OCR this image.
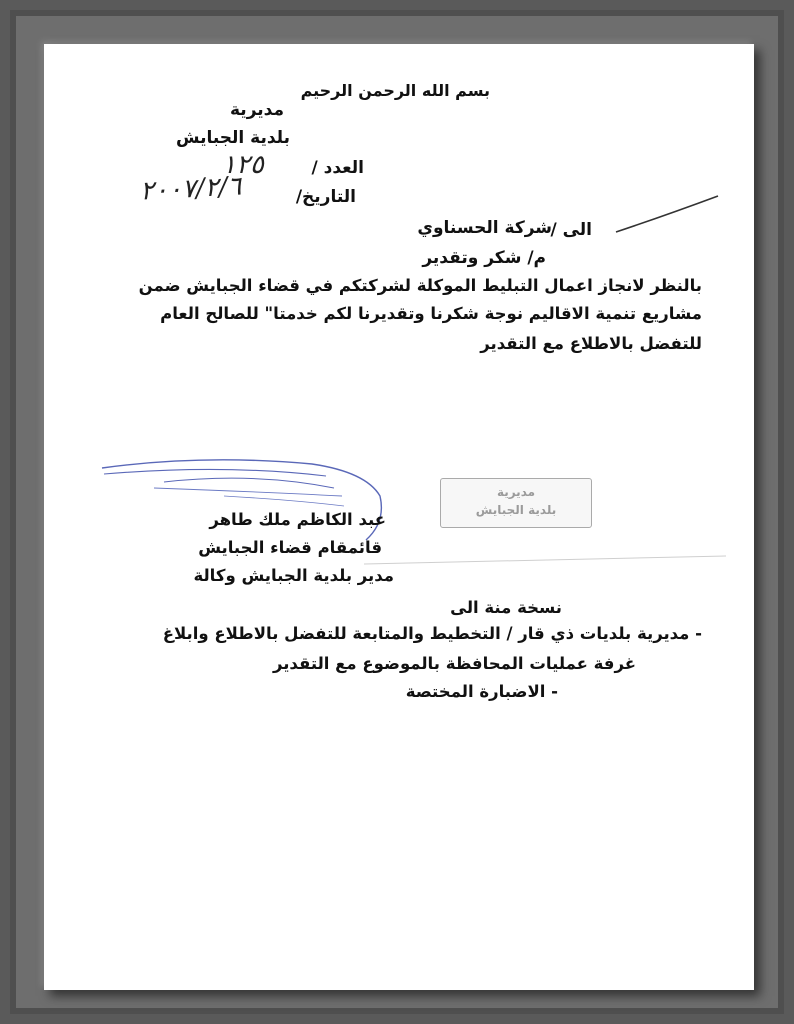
بسم الله الرحمن الرحيم
مديرية
بلدية الجبايش
العدد /
١٢٥
التاريخ/
٢٠٠٧/٢/٦
الى /
شركة الحسناوي
م/ شكر وتقدير
بالنظر لانجاز اعمال التبليط الموكلة لشركتكم في قضاء الجبايش ضمن
مشاريع تنمية الاقاليم نوجة شكرنا وتقديرنا لكم خدمتا" للصالح العام
للتفضل بالاطلاع مع التقدير
مديرية
بلدية الجبايش
عبد الكاظم ملك طاهر
قائمقام قضاء الجبايش
مدير بلدية الجبايش وكالة
نسخة منة الى
- مديرية بلديات ذي قار / التخطيط والمتابعة للتفضل بالاطلاع وابلاغ
غرفة عمليات المحافظة بالموضوع مع التقدير
- الاضبارة المختصة
